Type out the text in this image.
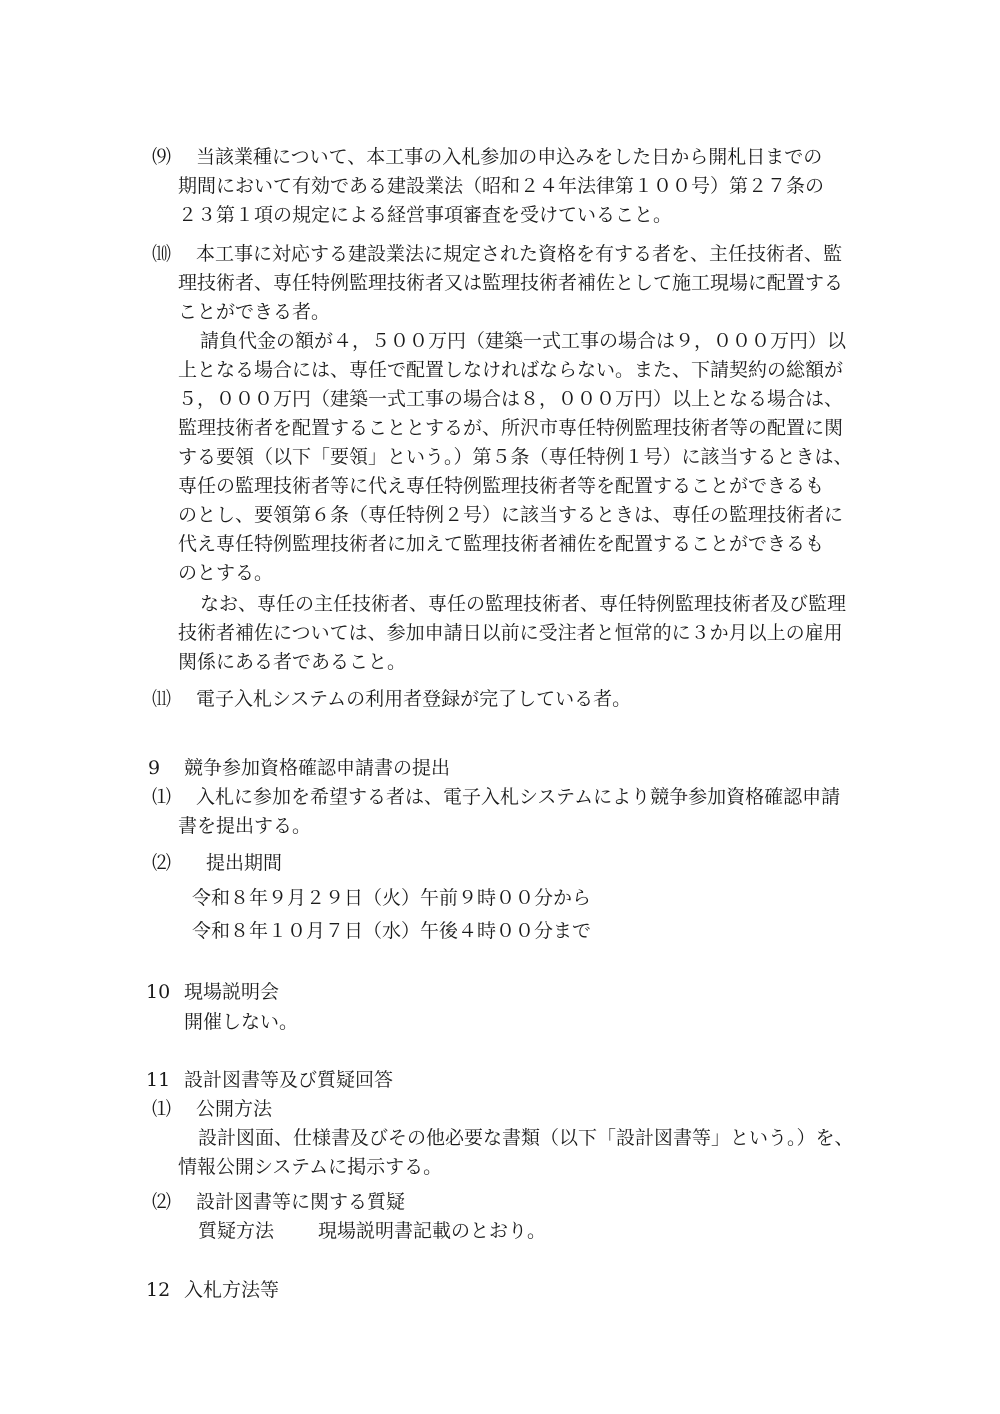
⑼ 当該業種について、本工事の入札参加の申込みをした日から開札日までの

期間において有効である建設業法（昭和２４年法律第１００号）第２７条の

２３第１項の規定による経営事項審査を受けていること。

⑽ 本工事に対応する建設業法に規定された資格を有する者を、主任技術者、監

理技術者、専任特例監理技術者又は監理技術者補佐として施工現場に配置する

ことができる者。

請負代金の額が４，５００万円（建築一式工事の場合は９，０００万円）以

上となる場合には、専任で配置しなければならない。また、下請契約の総額が

５，０００万円（建築一式工事の場合は８，０００万円）以上となる場合は、

監理技術者を配置することとするが、所沢市専任特例監理技術者等の配置に関

する要領（以下「要領」という。）第５条（専任特例１号）に該当するときは、

専任の監理技術者等に代え専任特例監理技術者等を配置することができるも

のとし、要領第６条（専任特例２号）に該当するときは、専任の監理技術者に

代え専任特例監理技術者に加えて監理技術者補佐を配置することができるも

のとする。

なお、専任の主任技術者、専任の監理技術者、専任特例監理技術者及び監理

技術者補佐については、参加申請日以前に受注者と恒常的に３か月以上の雇用

関係にある者であること。

⑾ 電子入札システムの利用者登録が完了している者。

9 競争参加資格確認申請書の提出

⑴ 入札に参加を希望する者は、電子入札システムにより競争参加資格確認申請

書を提出する。

⑵ 提出期間

令和８年９月２９日（火）午前９時００分から

令和８年１０月７日（水）午後４時００分まで

10 現場説明会

開催しない。

11 設計図書等及び質疑回答

⑴ 公開方法

設計図面、仕様書及びその他必要な書類（以下「設計図書等」という。）を、

情報公開システムに掲示する。

⑵ 設計図書等に関する質疑

質疑方法 現場説明書記載のとおり。

12 入札方法等
